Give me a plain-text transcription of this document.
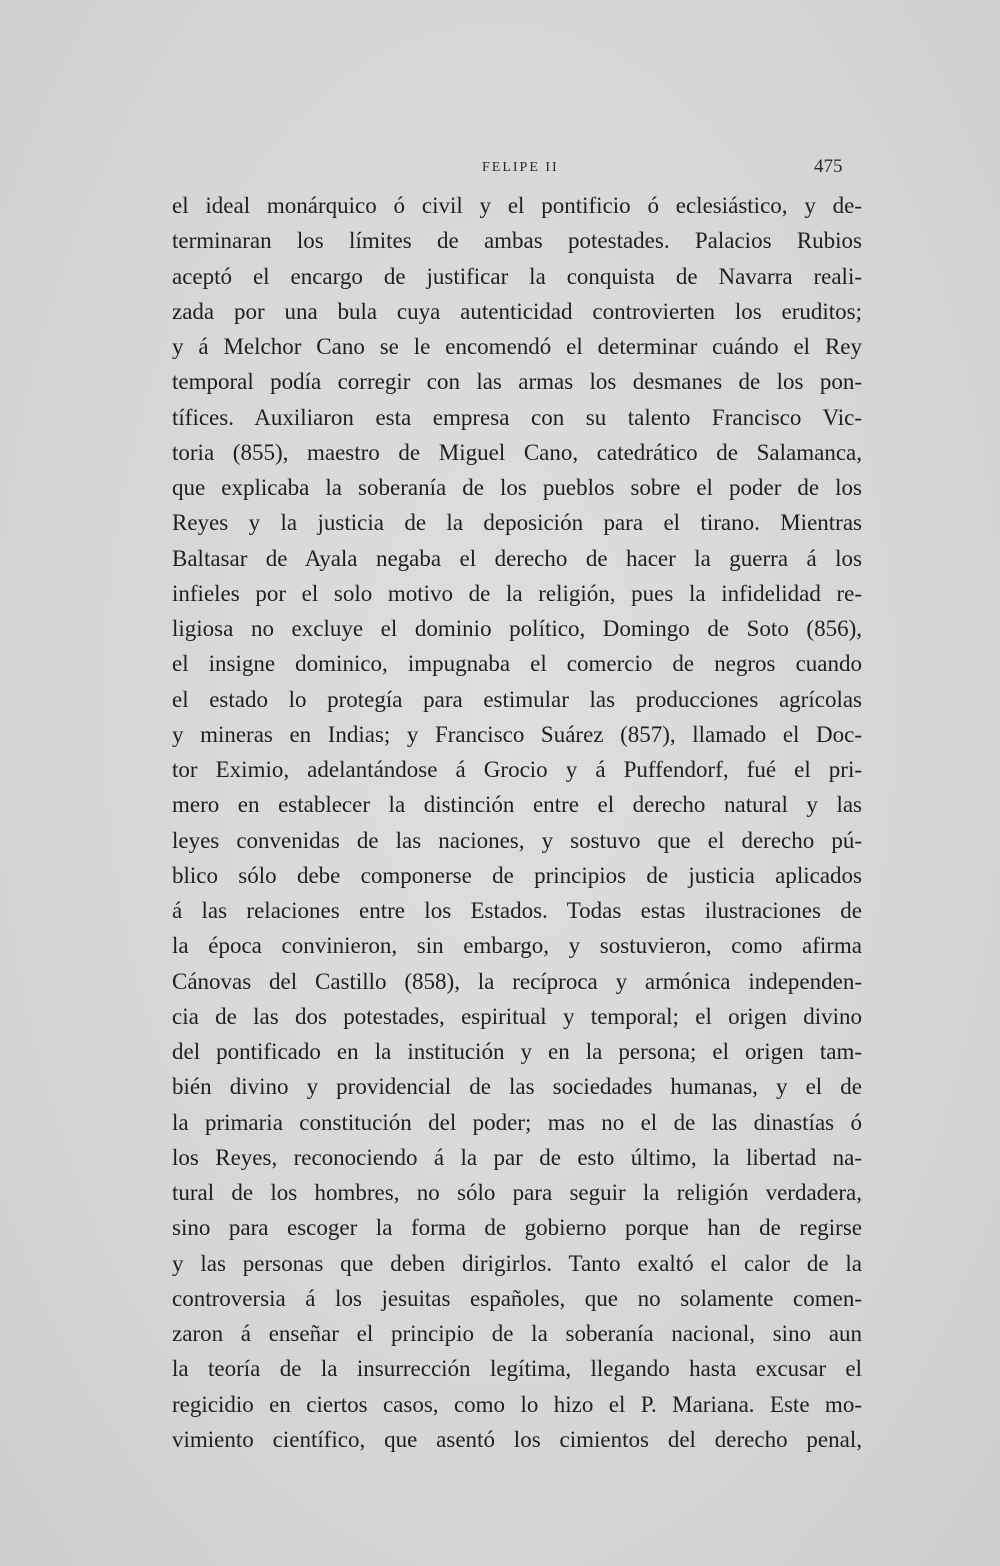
FELIPE II	475
el ideal monárquico ó civil y el pontificio ó eclesiástico, y de-
terminaran los límites de ambas potestades. Palacios Rubios
aceptó el encargo de justificar la conquista de Navarra reali-
zada por una bula cuya autenticidad controvierten los eruditos;
y á Melchor Cano se le encomendó el determinar cuándo el Rey
temporal podía corregir con las armas los desmanes de los pon-
tífices. Auxiliaron esta empresa con su talento Francisco Vic-
toria (855), maestro de Miguel Cano, catedrático de Salamanca,
que explicaba la soberanía de los pueblos sobre el poder de los
Reyes y la justicia de la deposición para el tirano. Mientras
Baltasar de Ayala negaba el derecho de hacer la guerra á los
infieles por el solo motivo de la religión, pues la infidelidad re-
ligiosa no excluye el dominio político, Domingo de Soto (856),
el insigne dominico, impugnaba el comercio de negros cuando
el estado lo protegía para estimular las producciones agrícolas
y mineras en Indias; y Francisco Suárez (857), llamado el Doc-
tor Eximio, adelantándose á Grocio y á Puffendorf, fué el pri-
mero en establecer la distinción entre el derecho natural y las
leyes convenidas de las naciones, y sostuvo que el derecho pú-
blico sólo debe componerse de principios de justicia aplicados
á las relaciones entre los Estados. Todas estas ilustraciones de
la época convinieron, sin embargo, y sostuvieron, como afirma
Cánovas del Castillo (858), la recíproca y armónica independen-
cia de las dos potestades, espiritual y temporal; el origen divino
del pontificado en la institución y en la persona; el origen tam-
bién divino y providencial de las sociedades humanas, y el de
la primaria constitución del poder; mas no el de las dinastías ó
los Reyes, reconociendo á la par de esto último, la libertad na-
tural de los hombres, no sólo para seguir la religión verdadera,
sino para escoger la forma de gobierno porque han de regirse
y las personas que deben dirigirlos. Tanto exaltó el calor de la
controversia á los jesuitas españoles, que no solamente comen-
zaron á enseñar el principio de la soberanía nacional, sino aun
la teoría de la insurrección legítima, llegando hasta excusar el
regicidio en ciertos casos, como lo hizo el P. Mariana. Este mo-
vimiento científico, que asentó los cimientos del derecho penal,
